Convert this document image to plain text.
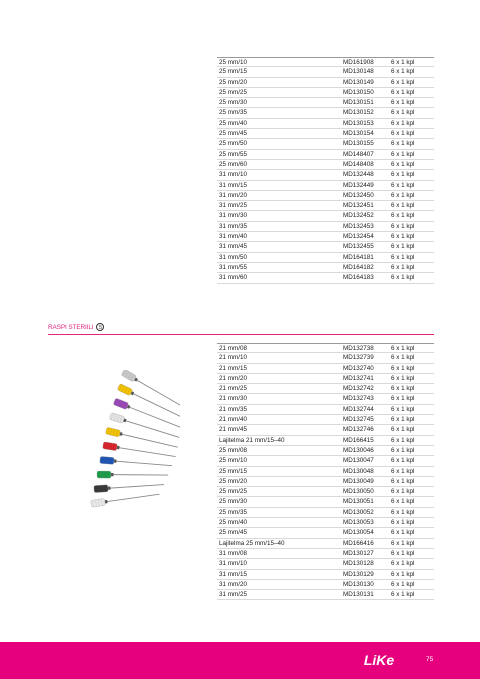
25 mm/10	MD161908	6 x 1 kpl
25 mm/15	MD130148	6 x 1 kpl
25 mm/20	MD130149	6 x 1 kpl
25 mm/25	MD130150	6 x 1 kpl
25 mm/30	MD130151	6 x 1 kpl
25 mm/35	MD130152	6 x 1 kpl
25 mm/40	MD130153	6 x 1 kpl
25 mm/45	MD130154	6 x 1 kpl
25 mm/50	MD130155	6 x 1 kpl
25 mm/55	MD148407	6 x 1 kpl
25 mm/60	MD148408	6 x 1 kpl
31 mm/10	MD132448	6 x 1 kpl
31 mm/15	MD132449	6 x 1 kpl
31 mm/20	MD132450	6 x 1 kpl
31 mm/25	MD132451	6 x 1 kpl
31 mm/30	MD132452	6 x 1 kpl
31 mm/35	MD132453	6 x 1 kpl
31 mm/40	MD132454	6 x 1 kpl
31 mm/45	MD132455	6 x 1 kpl
31 mm/50	MD164181	6 x 1 kpl
31 mm/55	MD164182	6 x 1 kpl
31 mm/60	MD164183	6 x 1 kpl
RASPI STERIILI	5
21 mm/08	MD132738	6 x 1 kpl
21 mm/10	MD132739	6 x 1 kpl
21 mm/15	MD132740	6 x 1 kpl
21 mm/20	MD132741	6 x 1 kpl
21 mm/25	MD132742	6 x 1 kpl
21 mm/30	MD132743	6 x 1 kpl
21 mm/35	MD132744	6 x 1 kpl
21 mm/40	MD132745	6 x 1 kpl
21 mm/45	MD132746	6 x 1 kpl
Lajitelma 21 mm/15–40	MD166415	6 x 1 kpl
25 mm/08	MD130046	6 x 1 kpl
25 mm/10	MD130047	6 x 1 kpl
25 mm/15	MD130048	6 x 1 kpl
25 mm/20	MD130049	6 x 1 kpl
25 mm/25	MD130050	6 x 1 kpl
25 mm/30	MD130051	6 x 1 kpl
25 mm/35	MD130052	6 x 1 kpl
25 mm/40	MD130053	6 x 1 kpl
25 mm/45	MD130054	6 x 1 kpl
Lajitelma 25 mm/15–40	MD166416	6 x 1 kpl
31 mm/08	MD130127	6 x 1 kpl
31 mm/10	MD130128	6 x 1 kpl
31 mm/15	MD130129	6 x 1 kpl
31 mm/20	MD130130	6 x 1 kpl
31 mm/25	MD130131	6 x 1 kpl
LiKe	75
